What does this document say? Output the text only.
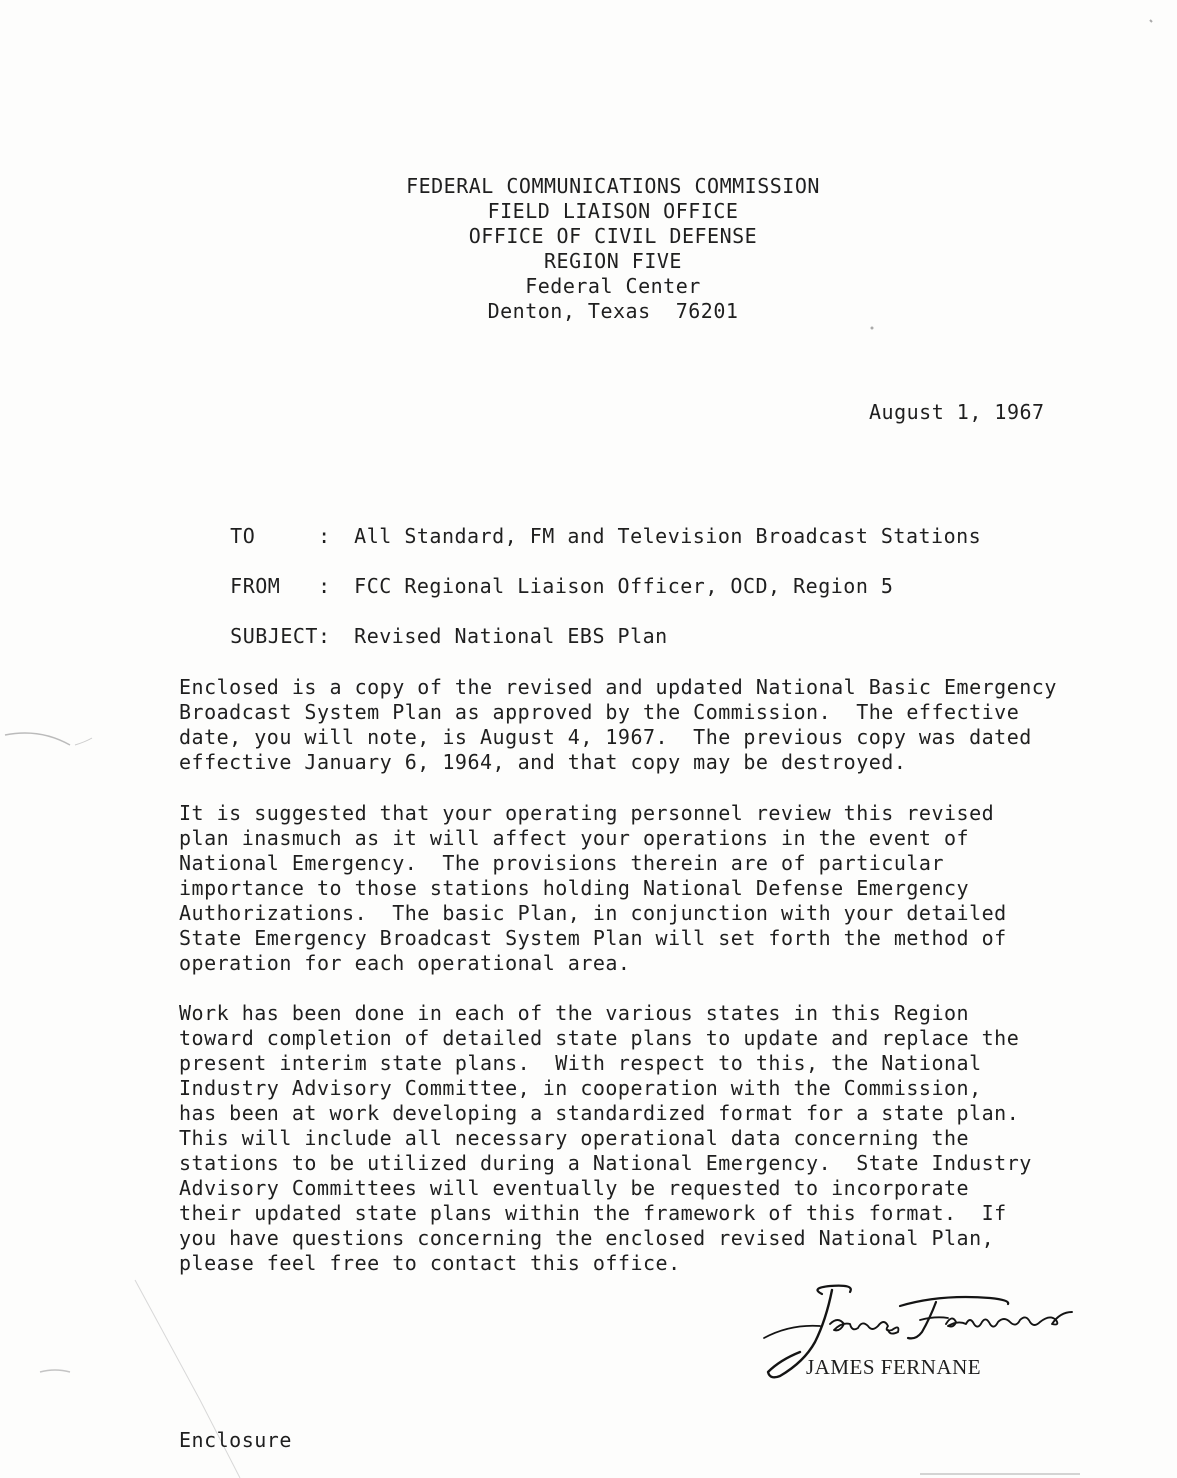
FEDERAL COMMUNICATIONS COMMISSION
FIELD LIAISON OFFICE
OFFICE OF CIVIL DEFENSE
REGION FIVE
Federal Center
Denton, Texas  76201
August 1, 1967

TO	: All Standard, FM and Television Broadcast Stations

FROM : FCC Regional Liaison Officer, OCD, Region 5

SUBJECT: Revised National EBS Plan

Enclosed is a copy of the revised and updated National Basic Emergency
Broadcast System Plan as approved by the Commission.  The effective
date, you will note, is August 4, 1967.  The previous copy was dated
effective January 6, 1964, and that copy may be destroyed.
It is suggested that your operating personnel review this revised
plan inasmuch as it will affect your operations in the event of
National Emergency.  The provisions therein are of particular
importance to those stations holding National Defense Emergency
Authorizations.  The basic Plan, in conjunction with your detailed
State Emergency Broadcast System Plan will set forth the method of
operation for each operational area.
Work has been done in each of the various states in this Region
toward completion of detailed state plans to update and replace the
present interim state plans.  With respect to this, the National
Industry Advisory Committee, in cooperation with the Commission,
has been at work developing a standardized format for a state plan.
This will include all necessary operational data concerning the
stations to be utilized during a National Emergency.  State Industry
Advisory Committees will eventually be requested to incorporate
their updated state plans within the framework of this format.  If
you have questions concerning the enclosed revised National Plan,
please feel free to contact this office.
JAMES FERNANE
Enclosure
